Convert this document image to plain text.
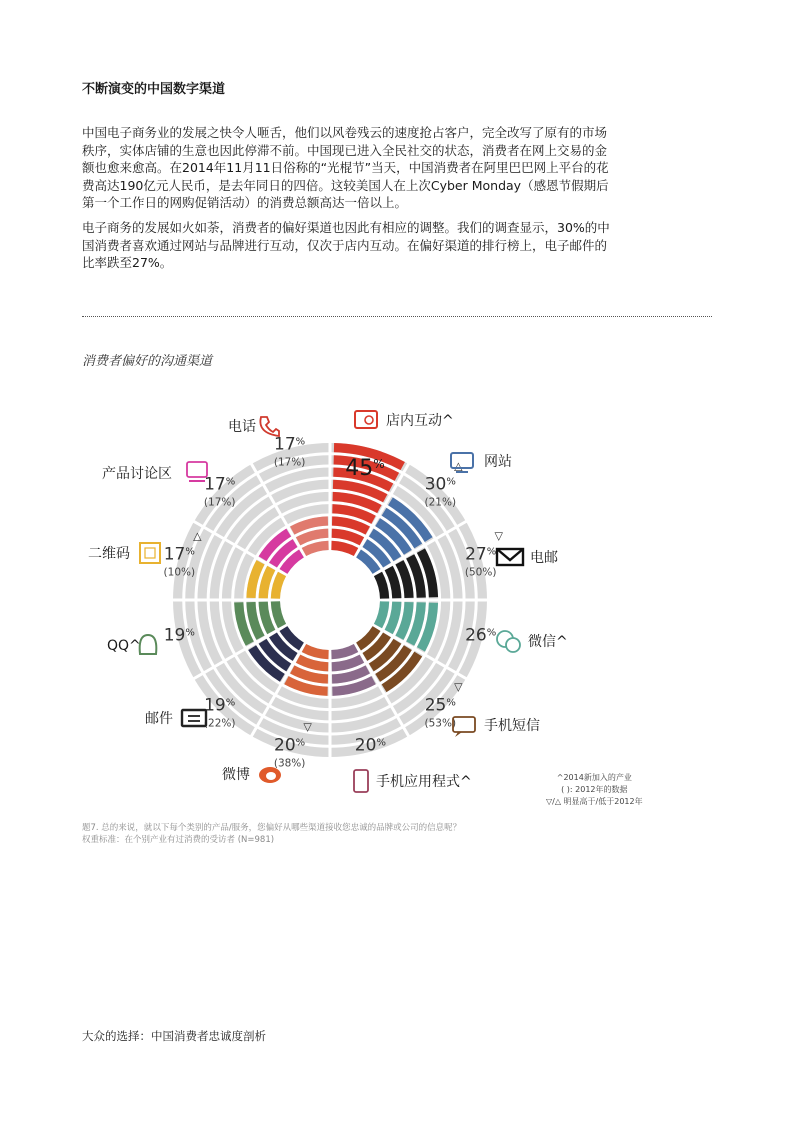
不断演变的中国数字渠道

中国电子商务业的发展之快令人咂舌，他们以风卷残云的速度抢占客户，完全改写了原有的市场秩序，实体店铺的生意也因此停滞不前。中国现已进入全民社交的状态，消费者在网上交易的金额也愈来愈高。在2014年11月11日俗称的“光棍节”当天，中国消费者在阿里巴巴网上平台的花费高达190亿元人民币，是去年同日的四倍。这较美国人在上次Cyber Monday（感恩节假期后第一个工作日的网购促销活动）的消费总额高达一倍以上。

电子商务的发展如火如荼，消费者的偏好渠道也因此有相应的调整。我们的调查显示，30%的中国消费者喜欢通过网站与品牌进行互动，仅次于店内互动。在偏好渠道的排行榜上，电子邮件的比率跌至27%。

消费者偏好的沟通渠道
45%
30%
(21%)
△
27%
(50%)
▽
26%
25%
(53%)
▽
20%
20%
(38%)
▽
19%
(22%)
19%
17%
(10%)
△
17%
(17%)
17%
(17%)
店内互动^
网站
电邮
微信^
手机短信
手机应用程式^
微博
邮件
QQ^
二维码
产品讨论区
电话
^2014新加入的产业
( ): 2012年的数据
▽/△ 明显高于/低于2012年
题7. 总的来说，就以下每个类别的产品/服务，您偏好从哪些渠道接收您忠诚的品牌或公司的信息呢？
权重标准：在个别产业有过消费的受访者 (N=981)
大众的选择：中国消费者忠诚度剖析
